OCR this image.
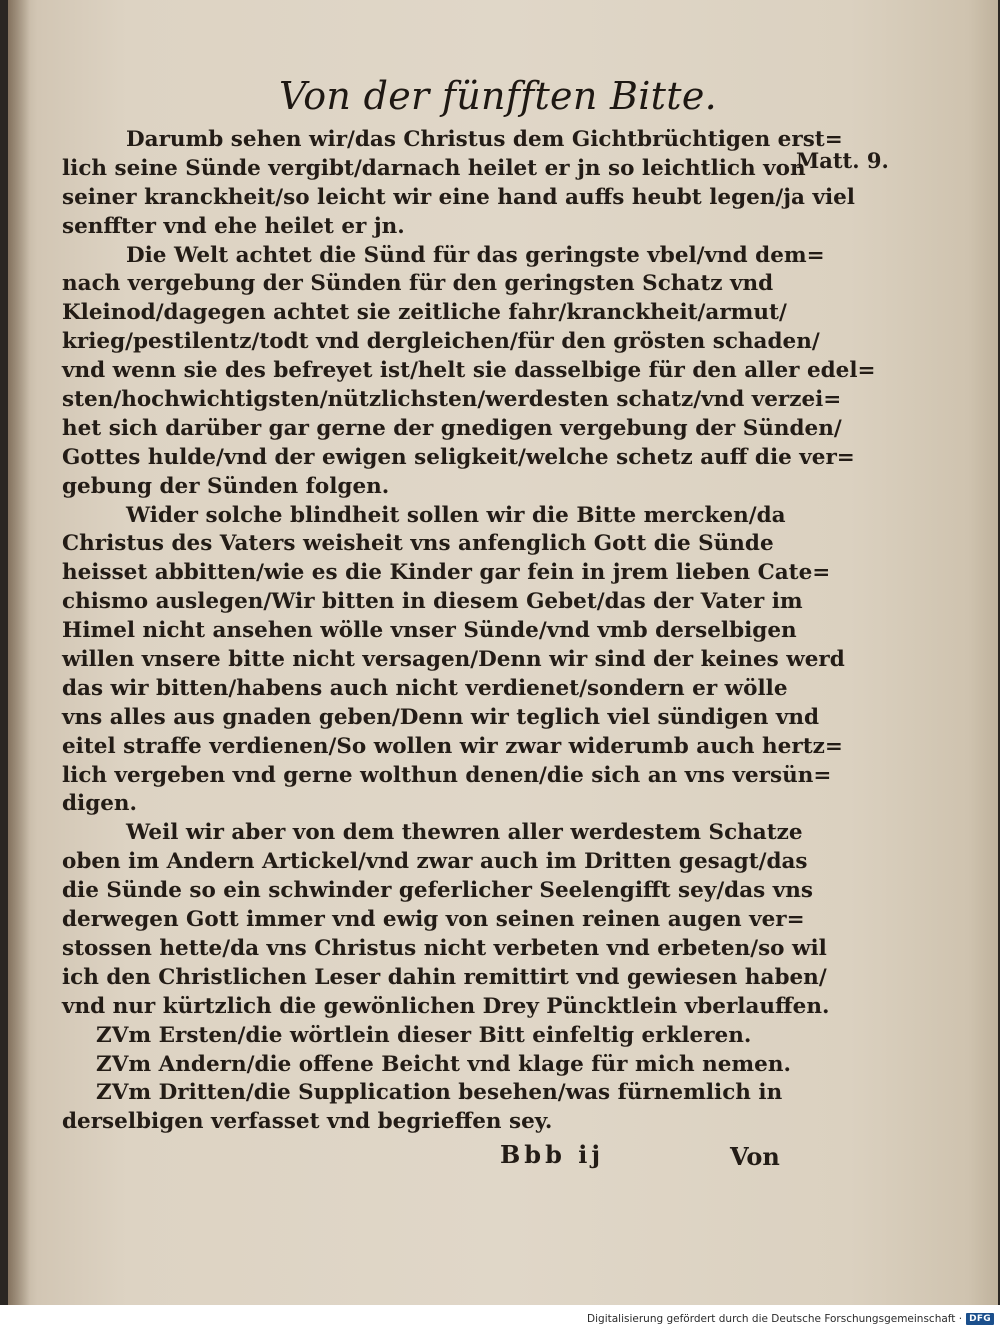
Von der fünfften Bitte.
Darumb sehen wir/das Christus dem Gichtbrüchtigen erst=
lich seine Sünde vergibt/darnach heilet er jn so leichtlich von
seiner kranckheit/so leicht wir eine hand auffs heubt legen/ja viel
senffter vnd ehe heilet er jn.
Die Welt achtet die Sünd für das geringste vbel/vnd dem=
nach vergebung der Sünden für den geringsten Schatz vnd
Kleinod/dagegen achtet sie zeitliche fahr/kranckheit/armut/
krieg/pestilentz/todt vnd dergleichen/für den grösten schaden/
vnd wenn sie des befreyet ist/helt sie dasselbige für den aller edel=
sten/hochwichtigsten/nützlichsten/werdesten schatz/vnd verzei=
het sich darüber gar gerne der gnedigen vergebung der Sünden/
Gottes hulde/vnd der ewigen seligkeit/welche schetz auff die ver=
gebung der Sünden folgen.
Wider solche blindheit sollen wir die Bitte mercken/da
Christus des Vaters weisheit vns anfenglich Gott die Sünde
heisset abbitten/wie es die Kinder gar fein in jrem lieben Cate=
chismo auslegen/Wir bitten in diesem Gebet/das der Vater im
Himel nicht ansehen wölle vnser Sünde/vnd vmb derselbigen
willen vnsere bitte nicht versagen/Denn wir sind der keines werd
das wir bitten/habens auch nicht verdienet/sondern er wölle
vns alles aus gnaden geben/Denn wir teglich viel sündigen vnd
eitel straffe verdienen/So wollen wir zwar widerumb auch hertz=
lich vergeben vnd gerne wolthun denen/die sich an vns versün=
digen.
Weil wir aber von dem thewren aller werdestem Schatze
oben im Andern Artickel/vnd zwar auch im Dritten gesagt/das
die Sünde so ein schwinder geferlicher Seelengifft sey/das vns
derwegen Gott immer vnd ewig von seinen reinen augen ver=
stossen hette/da vns Christus nicht verbeten vnd erbeten/so wil
ich den Christlichen Leser dahin remittirt vnd gewiesen haben/
vnd nur kürtzlich die gewönlichen Drey Püncktlein vberlauffen.
ZVm Ersten/die wörtlein dieser Bitt einfeltig erkleren.
ZVm Andern/die offene Beicht vnd klage für mich nemen.
ZVm Dritten/die Supplication besehen/was fürnemlich in
derselbigen verfasset vnd begrieffen sey.
Matt. 9.
Bbb ij	Von
Digitalisierung gefördert durch die Deutsche Forschungsgemeinschaft · DFG
